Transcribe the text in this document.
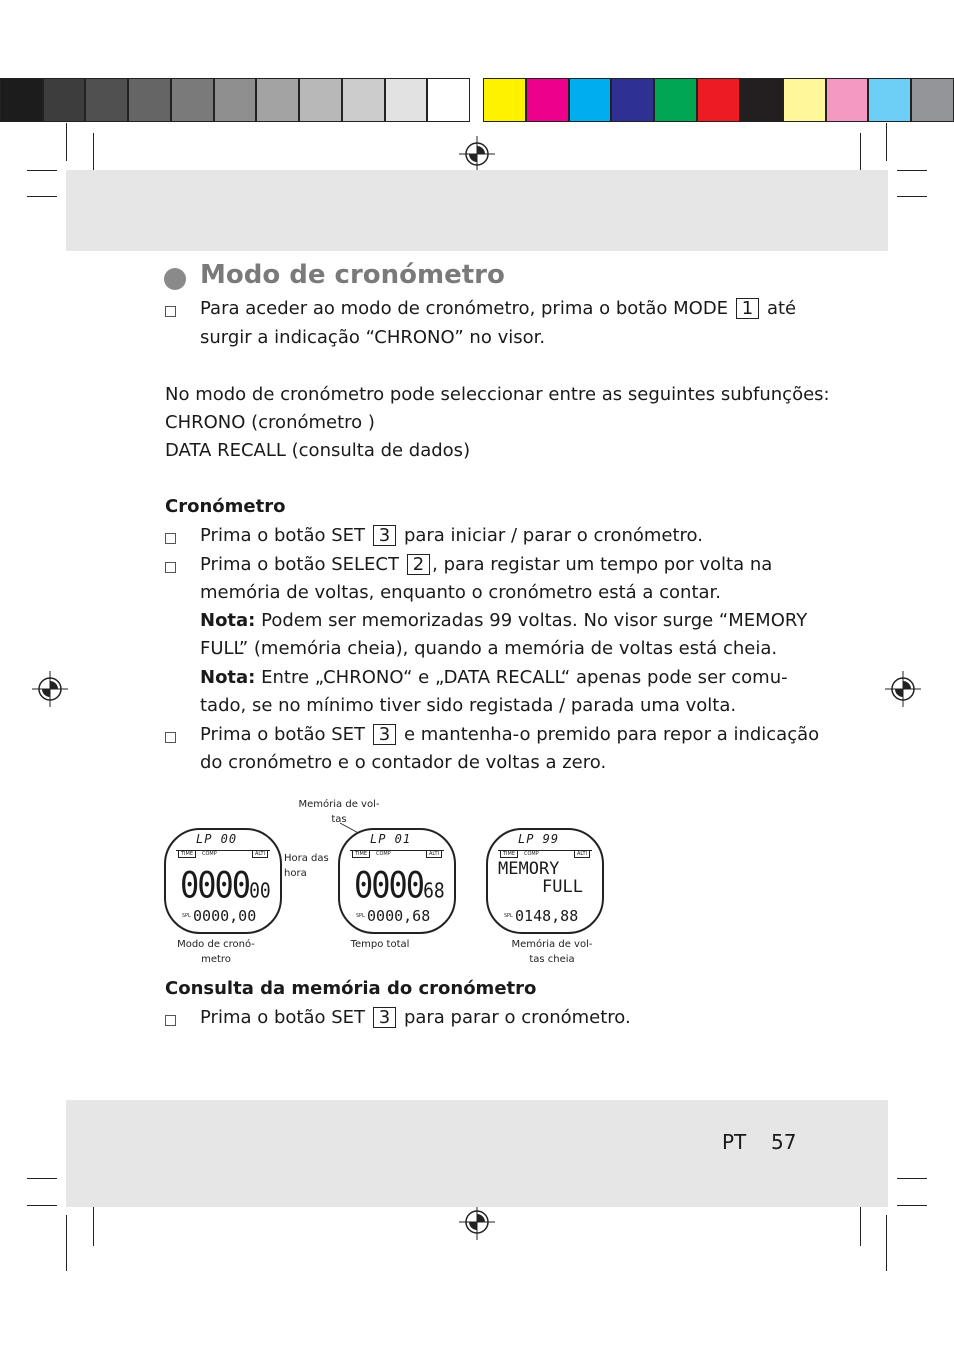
Modo de cronómetro
Para aceder ao modo de cronómetro, prima o botão MODE 1 até
surgir a indicação “CHRONO” no visor.
No modo de cronómetro pode seleccionar entre as seguintes subfunções:
CHRONO (cronómetro )
DATA RECALL (consulta de dados)
Cronómetro
Prima o botão SET 3 para iniciar / parar o cronómetro.
Prima o botão SELECT 2 , para registar um tempo por volta na
memória de voltas, enquanto o cronómetro está a contar.
Nota: Podem ser memorizadas 99 voltas. No visor surge “MEMORY
FULL” (memória cheia), quando a memória de voltas está cheia.
Nota: Entre „CHRONO“ e „DATA RECALL“ apenas pode ser comu-
tado, se no mínimo tiver sido registada / parada uma volta.
Prima o botão SET 3 e mantenha-o premido para repor a indicação
do cronómetro e o contador de voltas a zero.
Memória de vol-
tas
Hora das
hora
LP 00
TIME	COMP	ALTI
000000
SPL 0000,00
LP 01
TIME	COMP	ALTI
000068
SPL 0000,68
LP 99
TIME	COMP	ALTI
MEMORY
FULL
SPL 0148,88
Modo de cronó-
metro
Tempo total	Memória de vol-
tas cheia
Consulta da memória do cronómetro
Prima o botão SET 3 para parar o cronómetro.
PT 57
